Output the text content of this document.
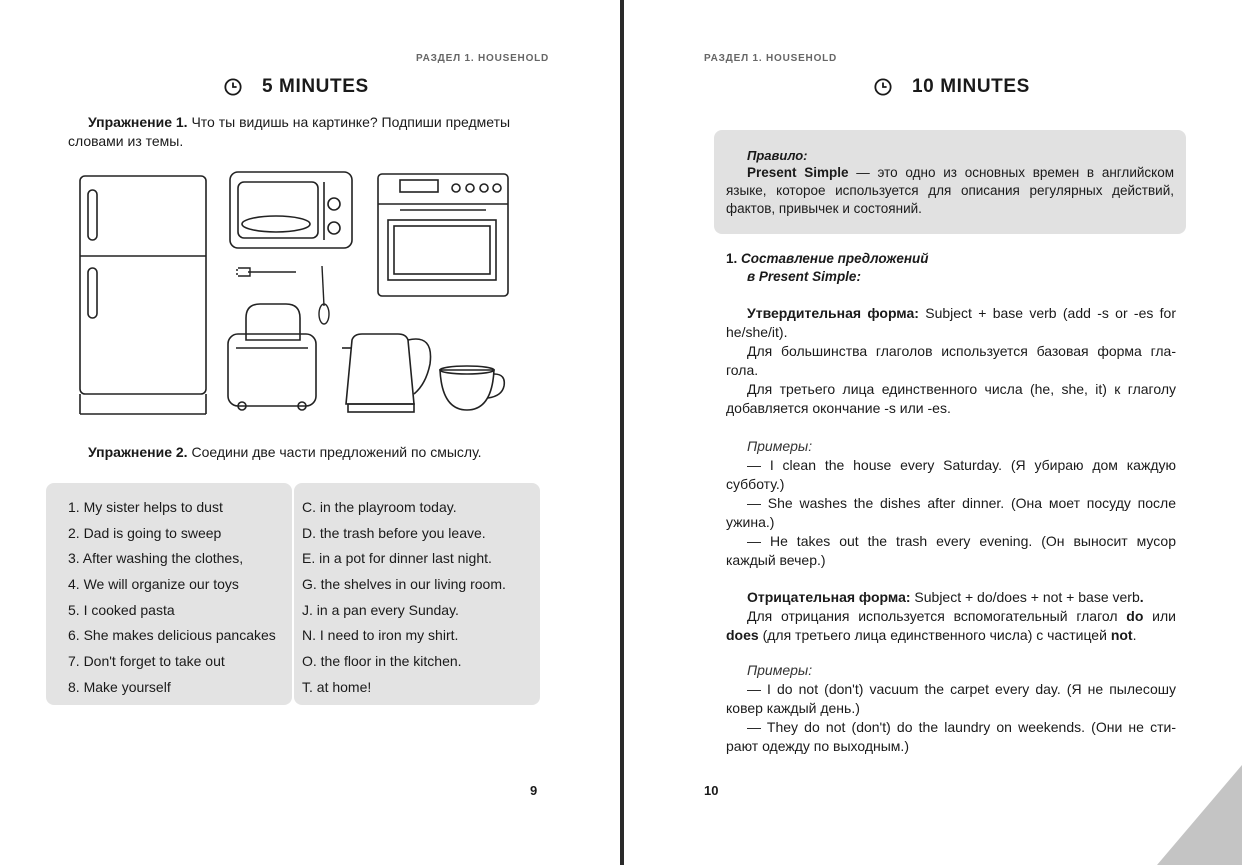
РАЗДЕЛ 1. HOUSEHOLD
5 MINUTES
Упражнение 1. Что ты видишь на картинке? Подпиши предметы словами из темы.
Упражнение 2. Соедини две части предложений по смыслу.
1. My sister helps to dust
2. Dad is going to sweep
3. After washing the clothes,
4. We will organize our toys
5. I cooked pasta
6. She makes delicious pancakes
7. Don't forget to take out
8. Make yourself
C. in the playroom today.
D. the trash before you leave.
E. in a pot for dinner last night.
G. the shelves in our living room.
J. in a pan every Sunday.
N. I need to iron my shirt.
O. the floor in the kitchen.
T. at home!
9
РАЗДЕЛ 1. HOUSEHOLD
10 MINUTES
Правило:
Present Simple — это одно из основных времен в английском языке, которое используется для описания регулярных действий, фактов, привычек и состояний.
1. Составление предложений
в Present Simple:

Утвердительная форма: Subject + base verb (add -s or -es for he/she/it).

Для большинства глаголов используется базовая форма гла-гола.

Для третьего лица единственного числа (he, she, it) к глаголу добавляется окончание -s или -es.

Примеры:

— I clean the house every Saturday. (Я убираю дом каждую субботу.)

— She washes the dishes after dinner. (Она моет посуду после ужина.)

— He takes out the trash every evening. (Он выносит мусор каждый вечер.)

Отрицательная форма: Subject + do/does + not + base verb.

Для отрицания используется вспомогательный глагол do или does (для третьего лица единственного числа) с частицей not.

Примеры:

— I do not (don't) vacuum the carpet every day. (Я не пылесошу ковер каждый день.)

— They do not (don't) do the laundry on weekends. (Они не сти-рают одежду по выходным.)

10
